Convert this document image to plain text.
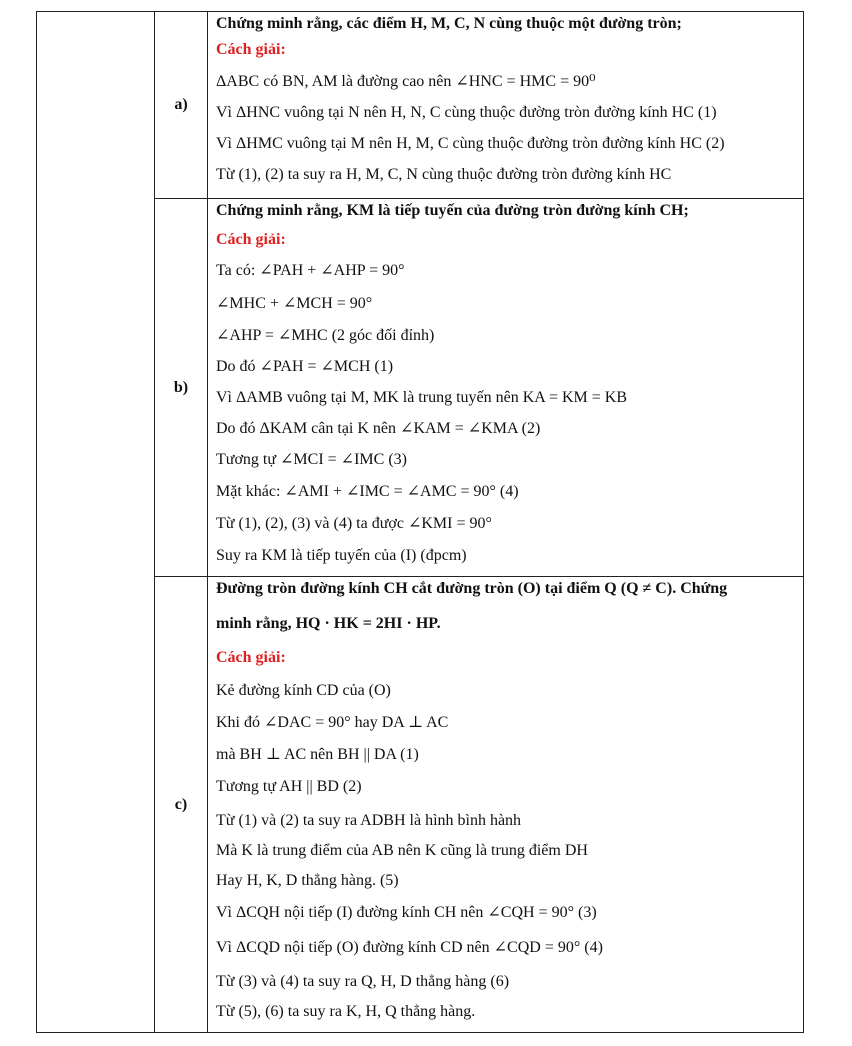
a)
Chứng minh rằng, các điểm H, M, C, N cùng thuộc một đường tròn;
Cách giải:
ΔABC có BN, AM là đường cao nên ∠HNC = HMC = 90⁰
Vì ΔHNC vuông tại N nên H, N, C cùng thuộc đường tròn đường kính HC (1)
Vì ΔHMC vuông tại M nên H, M, C cùng thuộc đường tròn đường kính HC (2)
Từ (1), (2) ta suy ra H, M, C, N cùng thuộc đường tròn đường kính HC
b)
Chứng minh rằng, KM là tiếp tuyến của đường tròn đường kính CH;
Cách giải:
Ta có: ∠PAH + ∠AHP = 90°
∠MHC + ∠MCH = 90°
∠AHP = ∠MHC (2 góc đối đỉnh)
Do đó ∠PAH = ∠MCH (1)
Vì ΔAMB vuông tại M, MK là trung tuyến nên KA = KM = KB
Do đó ΔKAM cân tại K nên ∠KAM = ∠KMA (2)
Tương tự ∠MCI = ∠IMC (3)
Mặt khác: ∠AMI + ∠IMC = ∠AMC = 90° (4)
Từ (1), (2), (3) và (4) ta được ∠KMI = 90°
Suy ra KM là tiếp tuyến của (I) (đpcm)
c)
Đường tròn đường kính CH cắt đường tròn (O) tại điểm Q (Q ≠ C). Chứng
minh rằng, HQ · HK = 2HI · HP.
Cách giải:
Kẻ đường kính CD của (O)
Khi đó ∠DAC = 90° hay DA ⊥ AC
mà BH ⊥ AC nên BH || DA (1)
Tương tự AH || BD (2)
Từ (1) và (2) ta suy ra ADBH là hình bình hành
Mà K là trung điểm của AB nên K cũng là trung điểm DH
Hay H, K, D thẳng hàng. (5)
Vì ΔCQH nội tiếp (I) đường kính CH nên ∠CQH = 90° (3)
Vì ΔCQD nội tiếp (O) đường kính CD nên ∠CQD = 90° (4)
Từ (3) và (4) ta suy ra Q, H, D thẳng hàng (6)
Từ (5), (6) ta suy ra K, H, Q thẳng hàng.
